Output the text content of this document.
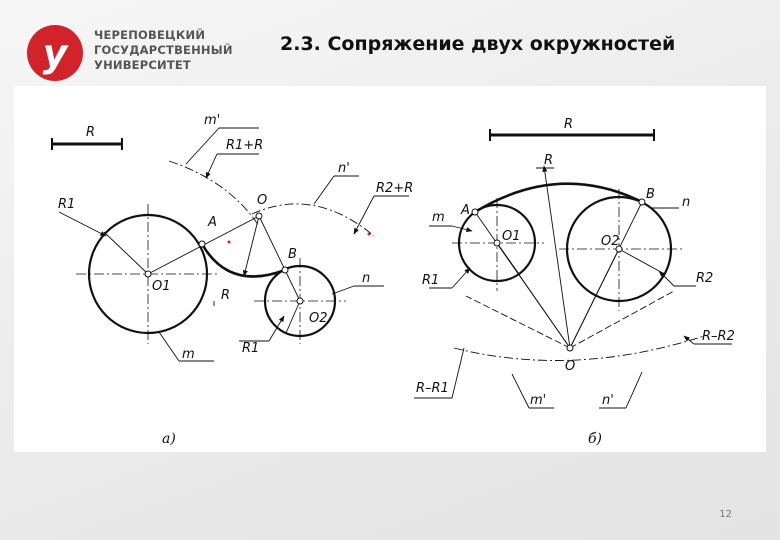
у ЧЕРЕПОВЕЦКИЙ
ГОСУДАРСТВЕННЫЙ
УНИВЕРСИТЕТ
2.3. Сопряжение двух окружностей
R
m'
R1+R
O
n'
R2+R
R1
A
B
n
O1
R
O2
R1
m
а)
R
R
m A
O1	O2
B
n
R1	R2
R–R2
R–R1
O
m'	n'
б)
12
